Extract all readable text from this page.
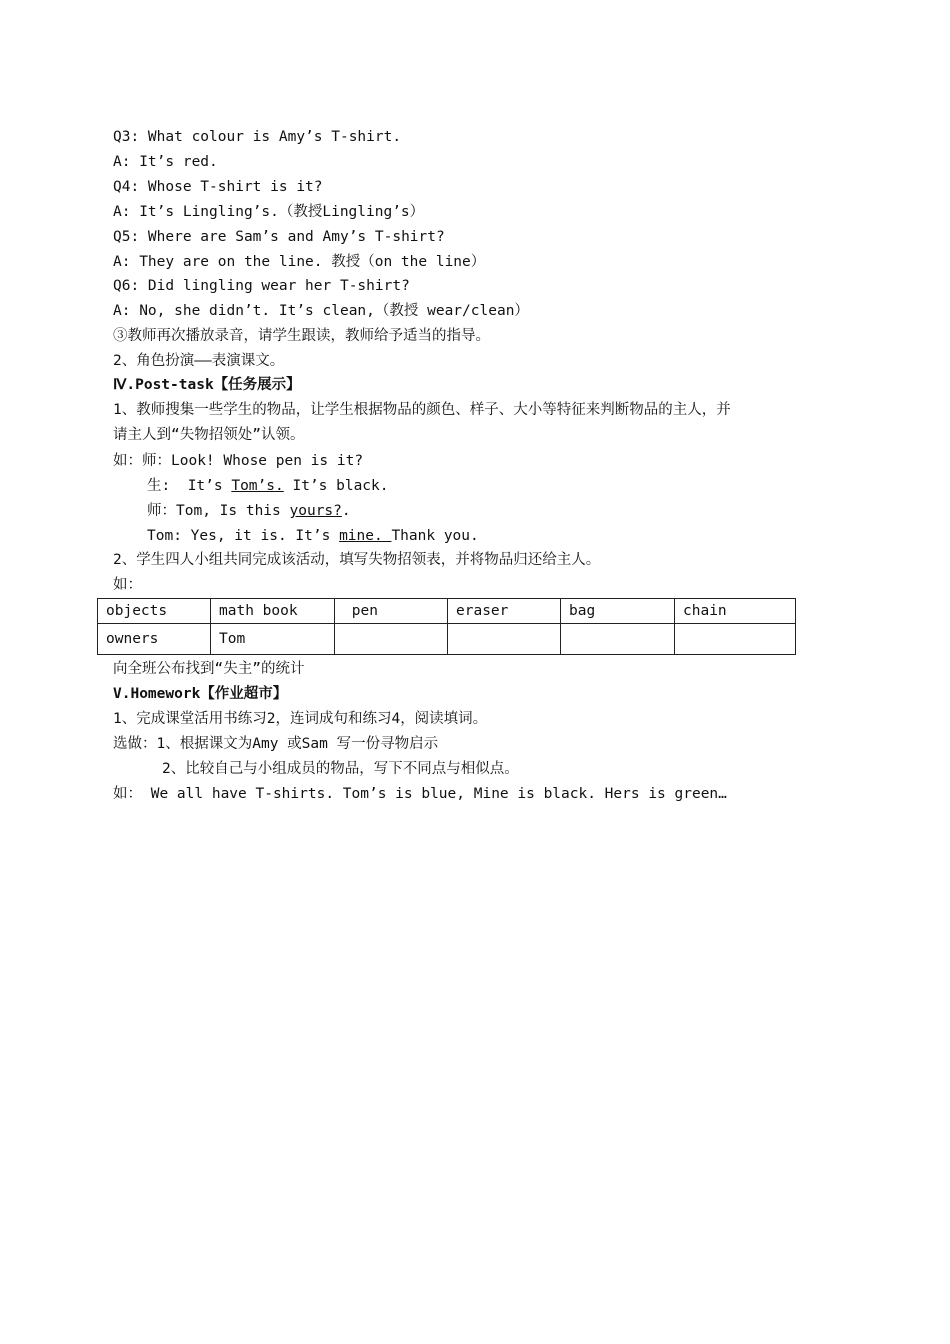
Q3: What colour is Amy’s T-shirt.
A: It’s red.
Q4: Whose T-shirt is it?
A: It’s Lingling’s.（教授Lingling’s）
Q5: Where are Sam’s and Amy’s T-shirt?
A: They are on the line. 教授（on the line）
Q6: Did lingling wear her T-shirt?
A: No, she didn’t. It’s clean,（教授 wear/clean）
③教师再次播放录音，请学生跟读，教师给予适当的指导。
2、角色扮演——表演课文。
Ⅳ.Post-task【任务展示】
1、教师搜集一些学生的物品，让学生根据物品的颜色、样子、大小等特征来判断物品的主人，并
请主人到“失物招领处”认领。
如：师：Look! Whose pen is it?
生:  It’s Tom’s. It’s black.
师：Tom, Is this yours?.
Tom: Yes, it is. It’s mine. Thank you.
2、学生四人小组共同完成该活动，填写失物招领表，并将物品归还给主人。
如：
objects	math book	pen	eraser	bag	chain
owners	Tom				
向全班公布找到“失主”的统计
V.Homework【作业超市】
1、完成课堂活用书练习2，连词成句和练习4，阅读填词。
选做：1、根据课文为Amy 或Sam 写一份寻物启示
2、比较自己与小组成员的物品，写下不同点与相似点。
如： We all have T-shirts. Tom’s is blue, Mine is black. Hers is green…
